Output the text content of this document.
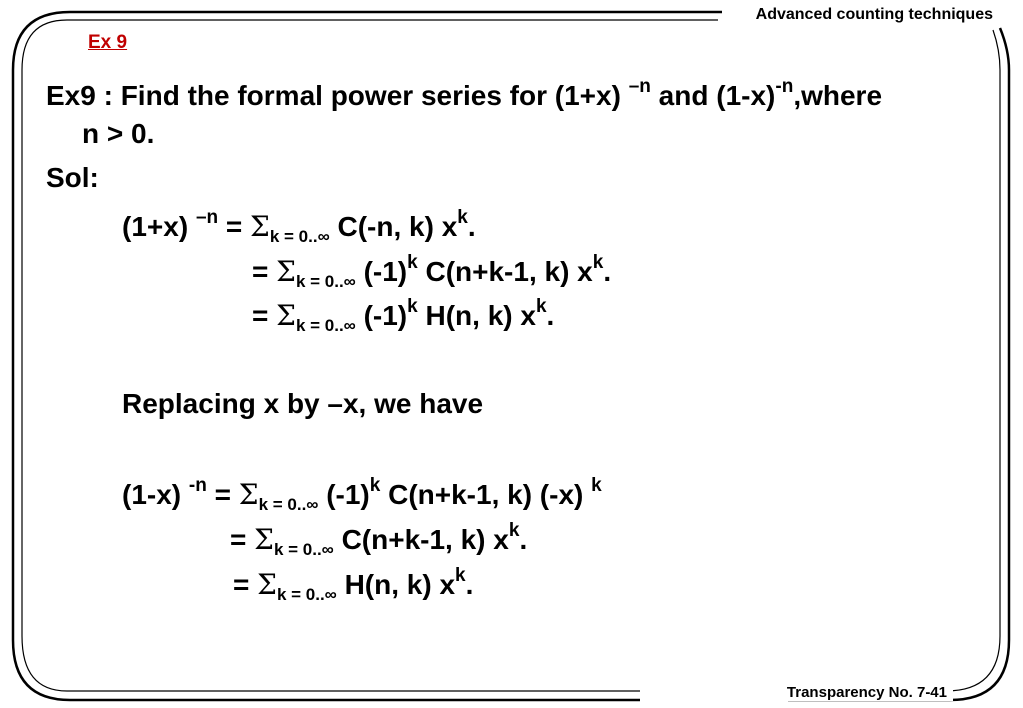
Advanced counting techniques
Ex 9
Transparency No. 7-41
Ex9 : Find the formal power series for (1+x) $^{-n}$ and $(1-x)^{-n},where$
n > 0.
Sol:
(1+x) $^{-n} = \Sigma_{k = 0..\infty}$ C(-n, k) $x^k$.
= $\Sigma_{k = 0..\infty}$ $(-1)^k$ C(n+k-1, k) $x^k$.
= $\Sigma_{k = 0..\infty}$ $(-1)^k$ H(n, k) $x^k$.
Replacing x by –x, we have
(1-x) $^{-n} = \Sigma_{k = 0..\infty}$ $(-1)^k$ C(n+k-1, k) (-x) $^k$
= $\Sigma_{k = 0..\infty}$ C(n+k-1, k) $x^k$.
= $\Sigma_{k = 0..\infty}$ H(n, k) $x^k$.
